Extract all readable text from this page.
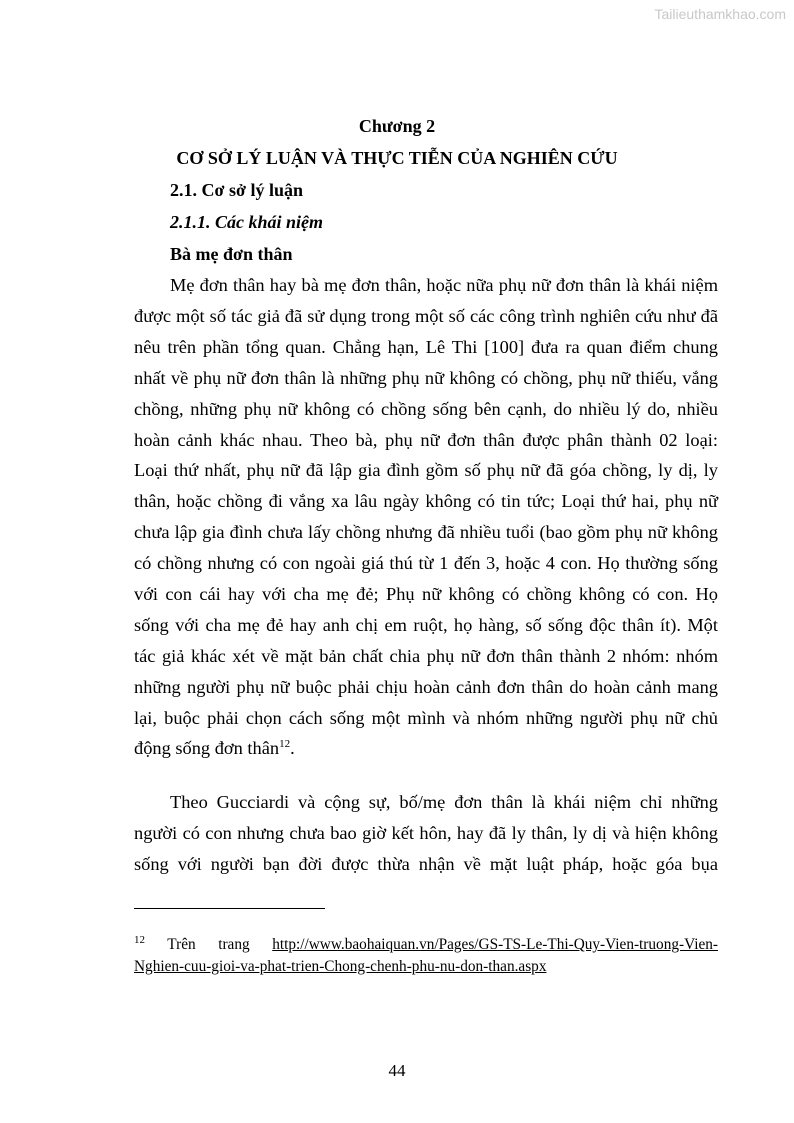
Tailieuthamkhao.com
Chương 2
CƠ SỞ LÝ LUẬN VÀ THỰC TIỄN CỦA NGHIÊN CỨU
2.1. Cơ sở lý luận
2.1.1. Các khái niệm
Bà mẹ đơn thân
Mẹ đơn thân hay bà mẹ đơn thân, hoặc nữa phụ nữ đơn thân là khái niệm
được một số tác giả đã sử dụng trong một số các công trình nghiên cứu như đã
nêu trên phần tổng quan. Chẳng hạn, Lê Thi [100] đưa ra quan điểm chung
nhất về phụ nữ đơn thân là những phụ nữ không có chồng, phụ nữ thiếu, vắng
chồng, những phụ nữ không có chồng sống bên cạnh, do nhiều lý do, nhiều
hoàn cảnh khác nhau. Theo bà, phụ nữ đơn thân được phân thành 02 loại:
Loại thứ nhất, phụ nữ đã lập gia đình gồm số phụ nữ đã góa chồng, ly dị, ly
thân, hoặc chồng đi vắng xa lâu ngày không có tin tức; Loại thứ hai, phụ nữ
chưa lập gia đình chưa lấy chồng nhưng đã nhiều tuổi (bao gồm phụ nữ không
có chồng nhưng có con ngoài giá thú từ 1 đến 3, hoặc 4 con. Họ thường sống
với con cái hay với cha mẹ đẻ; Phụ nữ không có chồng không có con. Họ
sống với cha mẹ đẻ hay anh chị em ruột, họ hàng, số sống độc thân ít). Một
tác giả khác xét về mặt bản chất chia phụ nữ đơn thân thành 2 nhóm: nhóm
những người phụ nữ buộc phải chịu hoàn cảnh đơn thân do hoàn cảnh mang
lại, buộc phải chọn cách sống một mình và nhóm những người phụ nữ chủ
Theo Gucciardi và cộng sự, bố/mẹ đơn thân là khái niệm chỉ những
người có con nhưng chưa bao giờ kết hôn, hay đã ly thân, ly dị và hiện không
sống với người bạn đời được thừa nhận về mặt luật pháp, hoặc góa bụa
động sống đơn thân$^{12}$.
$^{12}$ Trên trang http://www.baohaiquan.vn/Pages/GS-TS-Le-Thi-Quy-Vien-truong-Vien-
Nghien-cuu-gioi-va-phat-trien-Chong-chenh-phu-nu-don-than.aspx
44
